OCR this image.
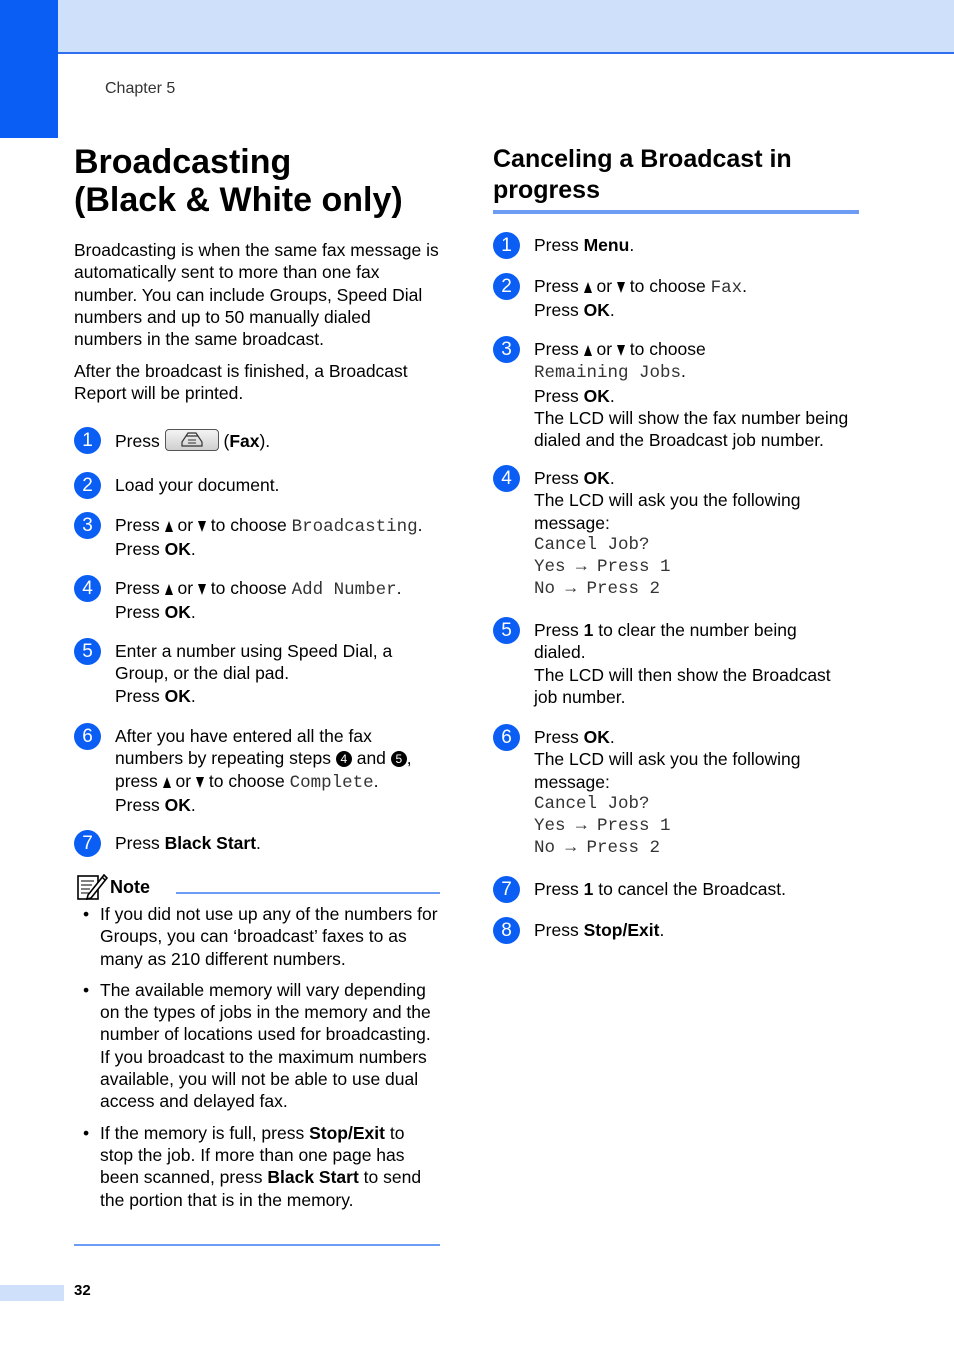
Chapter 5
32
Broadcasting
(Black & White only)

Broadcasting is when the same fax message is automatically sent to more than one fax number. You can include Groups, Speed Dial numbers and up to 50 manually dialed numbers in the same broadcast.

After the broadcast is finished, a Broadcast Report will be printed.

1	Press	(Fax).
2	Load your document.
3	Press or to choose Broadcasting.
Press OK.
4	Press or to choose Add Number.
Press OK.
5	Enter a number using Speed Dial, a
Group, or the dial pad.
Press OK.
6	After you have entered all the fax
numbers by repeating steps 4 and 5 ,
press or to choose Complete.
Press OK.
7	Press Black Start.
Note
• If you did not use up any of the numbers for Groups, you can ‘broadcast’ faxes to as many as 210 different numbers.
• The available memory will vary depending on the types of jobs in the memory and the number of locations used for broadcasting. If you broadcast to the maximum numbers available, you will not be able to use dual access and delayed fax.
• If the memory is full, press Stop/Exit to stop the job. If more than one page has been scanned, press Black Start to send the portion that is in the memory.
Canceling a Broadcast in progress
1	Press Menu.
2	Press or to choose Fax.
Press OK.
3	Press or to choose
Remaining Jobs.
Press OK.
The LCD will show the fax number being
dialed and the Broadcast job number.
4	Press OK.
The LCD will ask you the following
message:
Cancel Job?
Yes → Press 1
No → Press 2
5	Press 1 to clear the number being
dialed.
The LCD will then show the Broadcast
job number.
6	Press OK.
The LCD will ask you the following
message:
Cancel Job?
Yes → Press 1
No → Press 2
7	Press 1 to cancel the Broadcast.
8	Press Stop/Exit.
